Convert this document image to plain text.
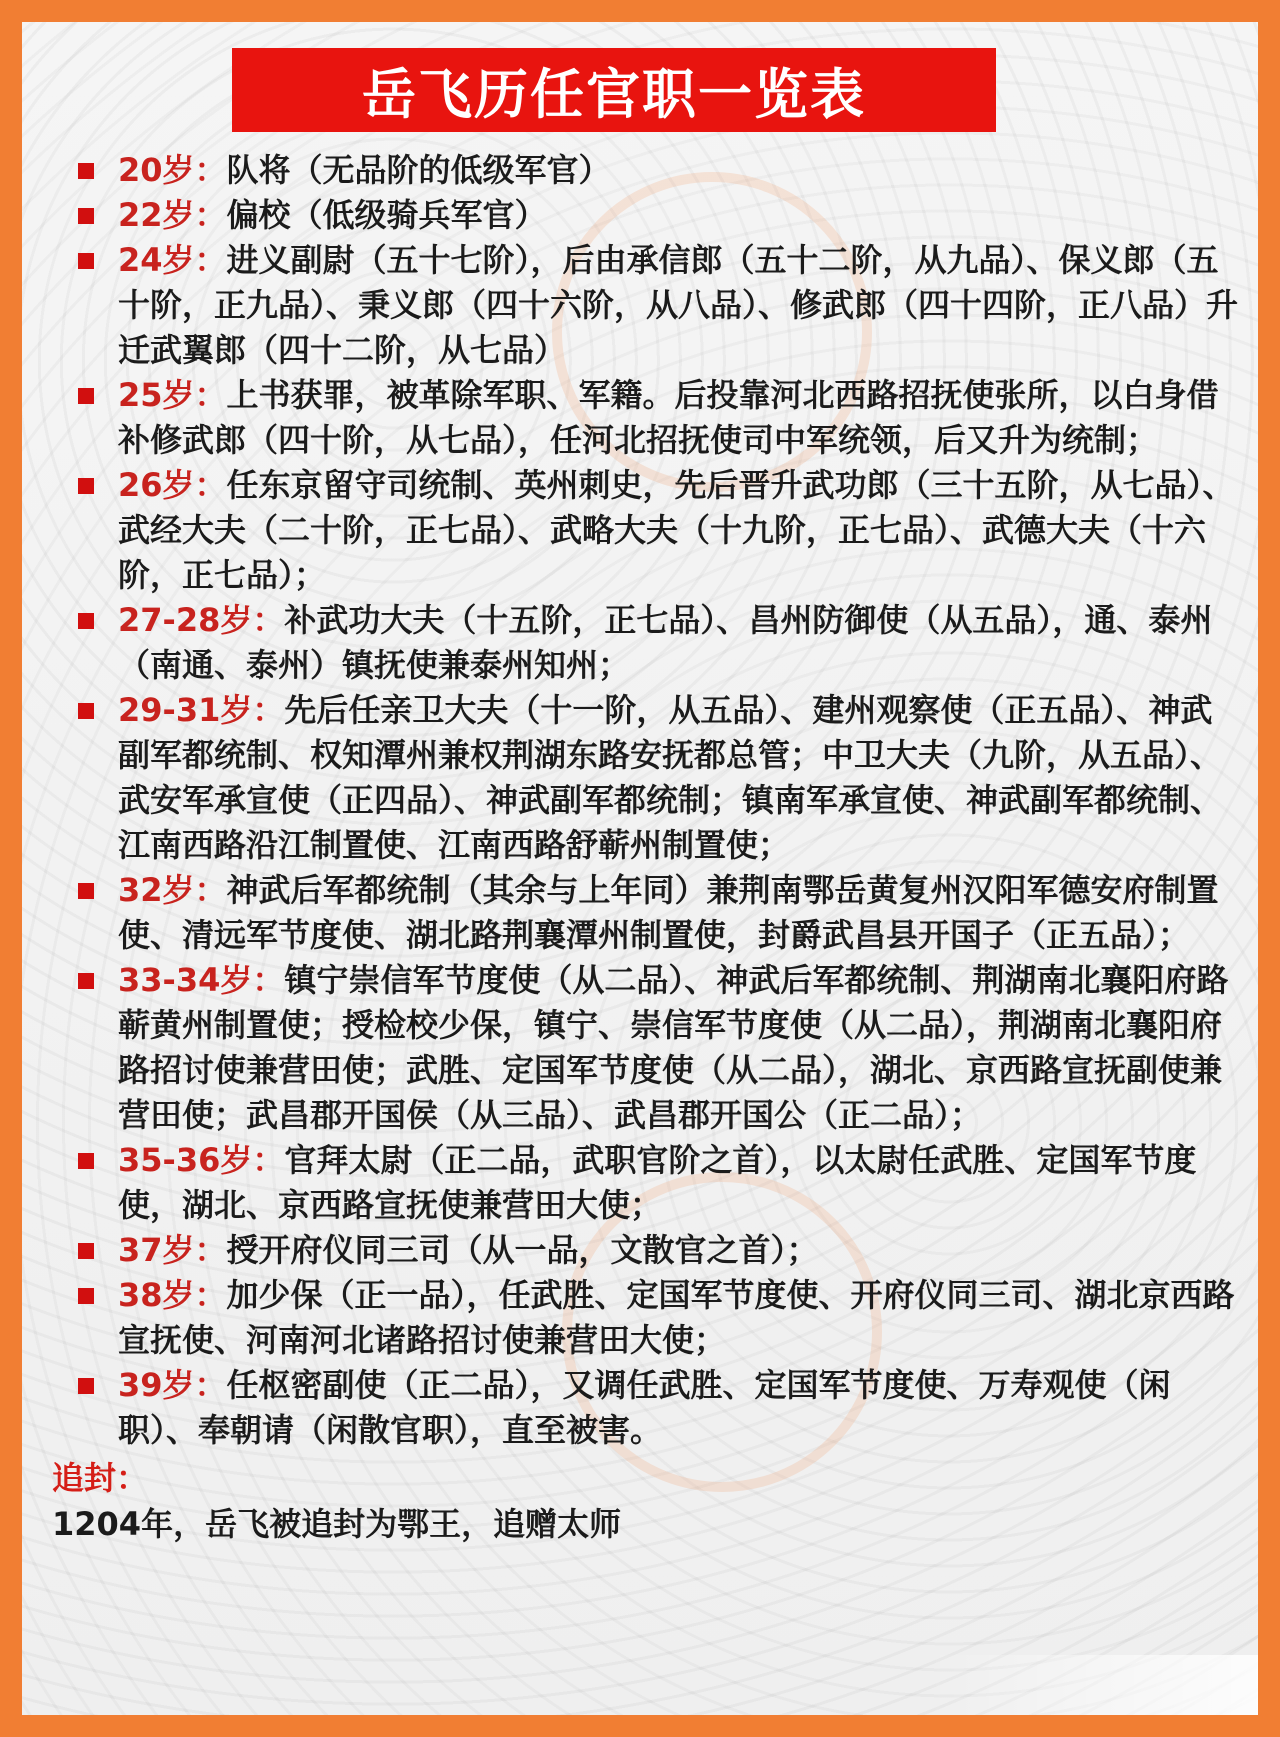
岳飞历任官职一览表
20岁：队将（无品阶的低级军官）
22岁：偏校（低级骑兵军官）
24岁：进义副尉（五十七阶），后由承信郎（五十二阶，从九品）、保义郎（五十阶，正九品）、秉义郎（四十六阶，从八品）、修武郎（四十四阶，正八品）升迁武翼郎（四十二阶，从七品）
25岁：上书获罪，被革除军职、军籍。后投靠河北西路招抚使张所，以白身借补修武郎（四十阶，从七品），任河北招抚使司中军统领，后又升为统制；
26岁：任东京留守司统制、英州刺史，先后晋升武功郎（三十五阶，从七品）、武经大夫（二十阶，正七品）、武略大夫（十九阶，正七品）、武德大夫（十六阶，正七品）；
27-28岁：补武功大夫（十五阶，正七品）、昌州防御使（从五品），通、泰州（南通、泰州）镇抚使兼泰州知州；
29-31岁：先后任亲卫大夫（十一阶，从五品）、建州观察使（正五品）、神武副军都统制、权知潭州兼权荆湖东路安抚都总管；中卫大夫（九阶，从五品）、武安军承宣使（正四品）、神武副军都统制；镇南军承宣使、神武副军都统制、江南西路沿江制置使、江南西路舒蕲州制置使；
32岁：神武后军都统制（其余与上年同）兼荆南鄂岳黄复州汉阳军德安府制置使、清远军节度使、湖北路荆襄潭州制置使，封爵武昌县开国子（正五品）；
33-34岁：镇宁崇信军节度使（从二品）、神武后军都统制、荆湖南北襄阳府路蕲黄州制置使；授检校少保，镇宁、崇信军节度使（从二品），荆湖南北襄阳府路招讨使兼营田使；武胜、定国军节度使（从二品），湖北、京西路宣抚副使兼营田使；武昌郡开国侯（从三品）、武昌郡开国公（正二品）；
35-36岁：官拜太尉（正二品，武职官阶之首），以太尉任武胜、定国军节度使，湖北、京西路宣抚使兼营田大使；
37岁：授开府仪同三司（从一品，文散官之首）；
38岁：加少保（正一品），任武胜、定国军节度使、开府仪同三司、湖北京西路宣抚使、河南河北诸路招讨使兼营田大使；
39岁：任枢密副使（正二品），又调任武胜、定国军节度使、万寿观使（闲职）、奉朝请（闲散官职），直至被害。
追封：
1204年，岳飞被追封为鄂王，追赠太师
